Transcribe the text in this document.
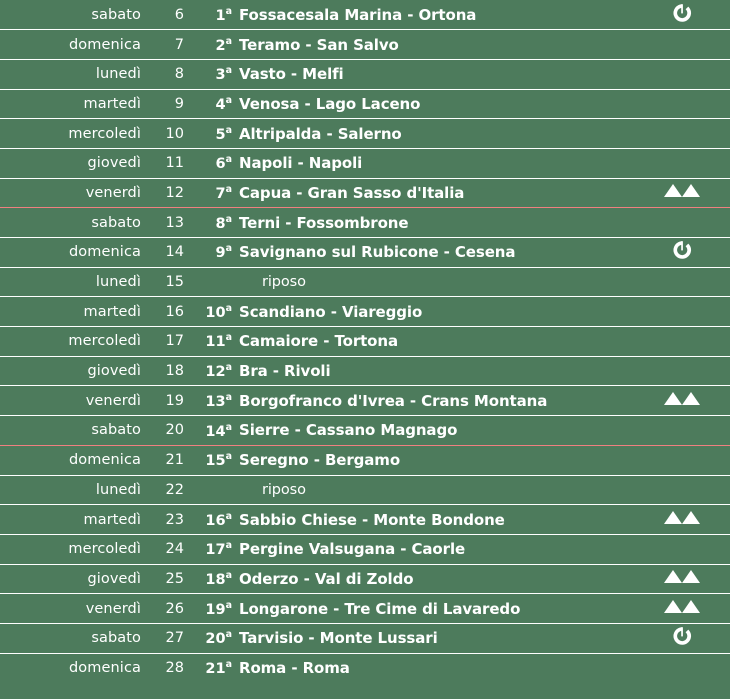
sabato	6	1$^a$	Fossacesala Marina - Ortona	

domenica	7	2$^a$	Teramo - San Salvo	
lunedì	8	3$^a$	Vasto - Melfi	
martedì	9	4$^a$	Venosa - Lago Laceno	
mercoledì	10	5$^a$	Altripalda - Salerno	
giovedì	11	6$^a$	Napoli - Napoli	
venerdì	12	7$^a$	Capua - Gran Sasso d'Italia	

sabato	13	8$^a$	Terni - Fossombrone	
domenica	14	9$^a$	Savignano sul Rubicone - Cesena	

lunedì	15		riposo	
martedì	16	10$^a$	Scandiano - Viareggio	
mercoledì	17	11$^a$	Camaiore - Tortona	
giovedì	18	12$^a$	Bra - Rivoli	
venerdì	19	13$^a$	Borgofranco d'Ivrea - Crans Montana	

sabato	20	14$^a$	Sierre - Cassano Magnago	
domenica	21	15$^a$	Seregno - Bergamo	
lunedì	22		riposo	
martedì	23	16$^a$	Sabbio Chiese - Monte Bondone	

mercoledì	24	17$^a$	Pergine Valsugana - Caorle	
giovedì	25	18$^a$	Oderzo - Val di Zoldo	

venerdì	26	19$^a$	Longarone - Tre Cime di Lavaredo	

sabato	27	20$^a$	Tarvisio - Monte Lussari	

domenica	28	21$^a$	Roma - Roma	
